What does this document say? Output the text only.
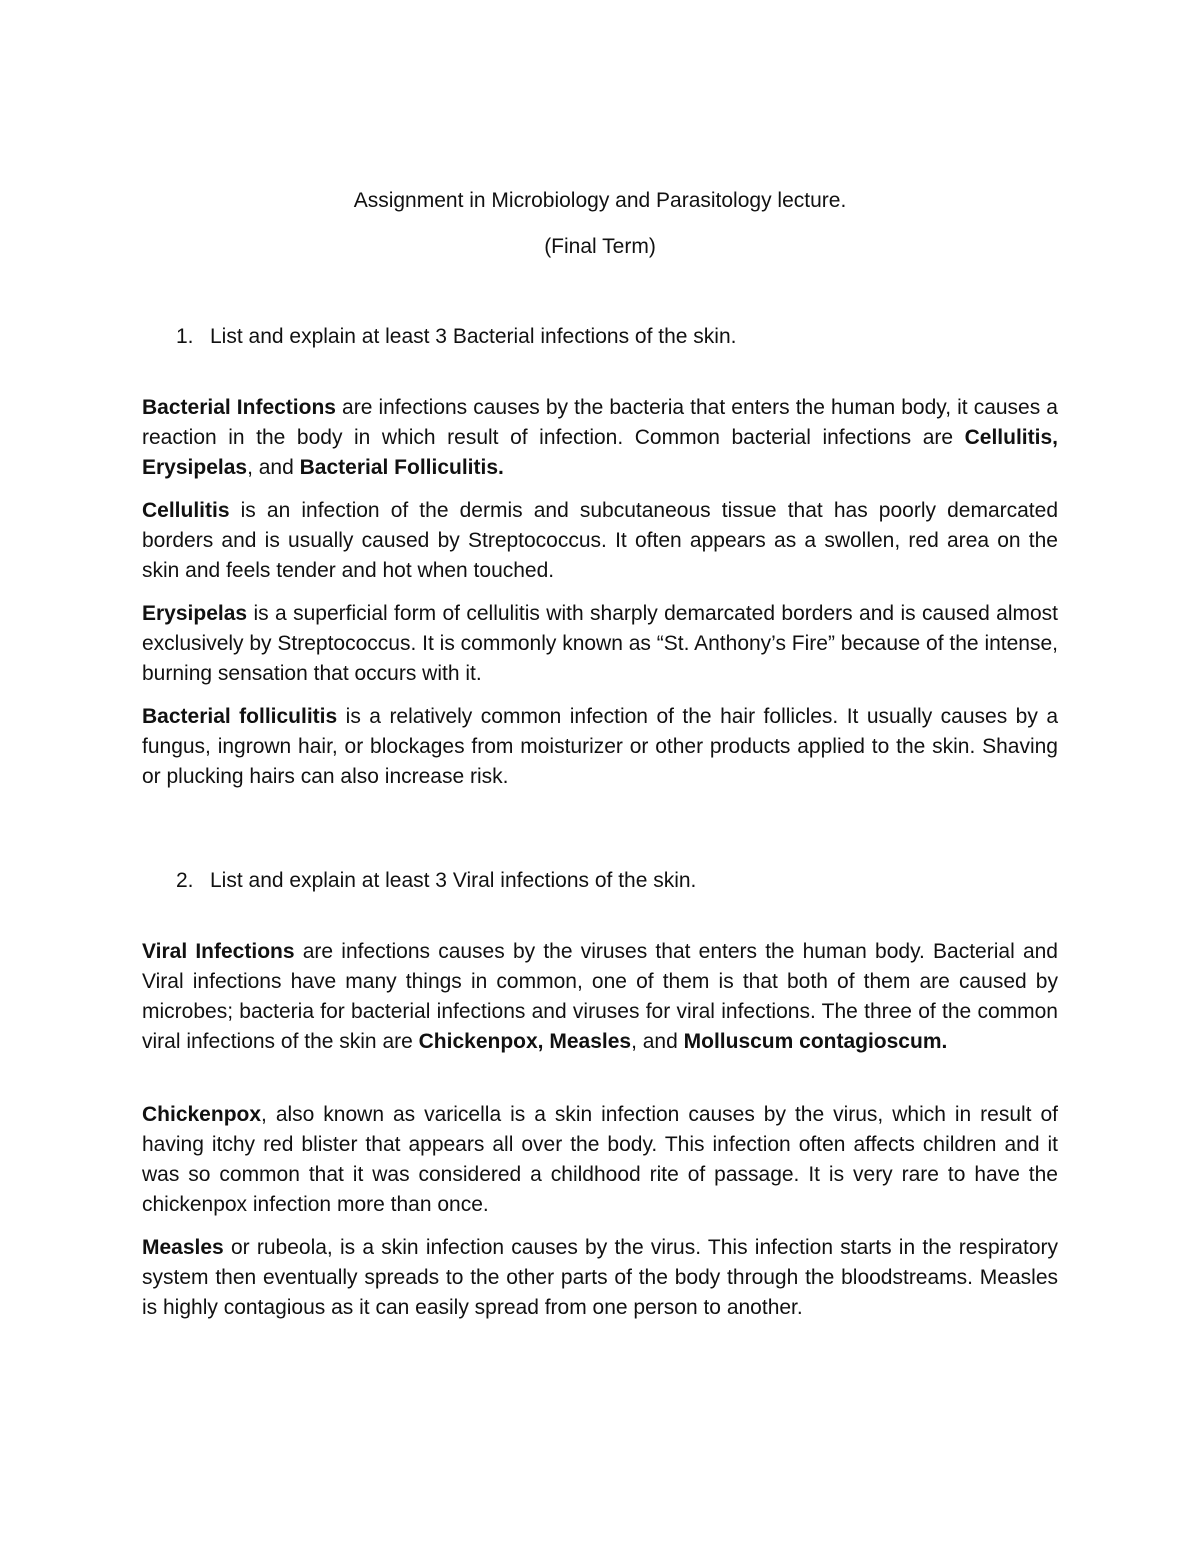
Assignment in Microbiology and Parasitology lecture.

(Final Term)

1. List and explain at least 3 Bacterial infections of the skin.

Bacterial Infections are infections causes by the bacteria that enters the human body, it causes a reaction in the body in which result of infection. Common bacterial infections are Cellulitis, Erysipelas, and Bacterial Folliculitis.

Cellulitis is an infection of the dermis and subcutaneous tissue that has poorly demarcated borders and is usually caused by Streptococcus. It often appears as a swollen, red area on the skin and feels tender and hot when touched.

Erysipelas is a superficial form of cellulitis with sharply demarcated borders and is caused almost exclusively by Streptococcus. It is commonly known as “St. Anthony’s Fire” because of the intense, burning sensation that occurs with it.

Bacterial folliculitis is a relatively common infection of the hair follicles. It usually causes by a fungus, ingrown hair, or blockages from moisturizer or other products applied to the skin. Shaving or plucking hairs can also increase risk.

2. List and explain at least 3 Viral infections of the skin.

Viral Infections are infections causes by the viruses that enters the human body. Bacterial and Viral infections have many things in common, one of them is that both of them are caused by microbes; bacteria for bacterial infections and viruses for viral infections. The three of the common viral infections of the skin are Chickenpox, Measles, and Molluscum contagioscum.

Chickenpox, also known as varicella is a skin infection causes by the virus, which in result of having itchy red blister that appears all over the body. This infection often affects children and it was so common that it was considered a childhood rite of passage. It is very rare to have the chickenpox infection more than once.

Measles or rubeola, is a skin infection causes by the virus. This infection starts in the respiratory system then eventually spreads to the other parts of the body through the bloodstreams. Measles is highly contagious as it can easily spread from one person to another.
